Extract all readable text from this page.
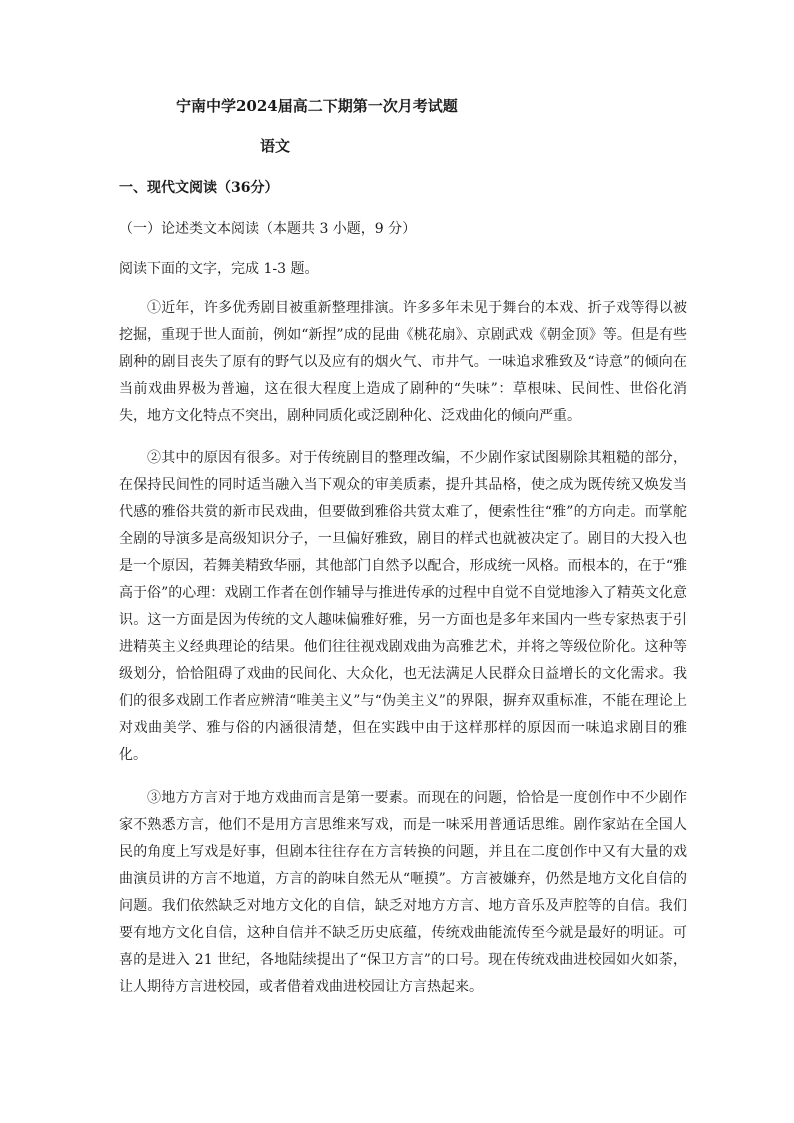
宁南中学2024届高二下期第一次月考试题
语文
一、现代文阅读（36分）
（一）论述类文本阅读（本题共 3 小题，9 分）
阅读下面的文字，完成 1-3 题。

①近年，许多优秀剧目被重新整理排演。许多多年未见于舞台的本戏、折子戏等得以被挖掘，重现于世人面前，例如“新捏”成的昆曲《桃花扇》、京剧武戏《朝金顶》等。但是有些剧种的剧目丧失了原有的野气以及应有的烟火气、市井气。一味追求雅致及“诗意”的倾向在当前戏曲界极为普遍，这在很大程度上造成了剧种的“失味”：草根味、民间性、世俗化消失，地方文化特点不突出，剧种同质化或泛剧种化、泛戏曲化的倾向严重。

②其中的原因有很多。对于传统剧目的整理改编，不少剧作家试图剔除其粗糙的部分，在保持民间性的同时适当融入当下观众的审美质素，提升其品格，使之成为既传统又焕发当代感的雅俗共赏的新市民戏曲，但要做到雅俗共赏太难了，便索性往“雅”的方向走。而掌舵全剧的导演多是高级知识分子，一旦偏好雅致，剧目的样式也就被决定了。剧目的大投入也是一个原因，若舞美精致华丽，其他部门自然予以配合，形成统一风格。而根本的，在于“雅高于俗”的心理：戏剧工作者在创作辅导与推进传承的过程中自觉不自觉地渗入了精英文化意识。这一方面是因为传统的文人趣味偏雅好雅，另一方面也是多年来国内一些专家热衷于引进精英主义经典理论的结果。他们往往视戏剧戏曲为高雅艺术，并将之等级位阶化。这种等级划分，恰恰阻碍了戏曲的民间化、大众化，也无法满足人民群众日益增长的文化需求。我们的很多戏剧工作者应辨清“唯美主义”与“伪美主义”的界限，摒弃双重标准，不能在理论上对戏曲美学、雅与俗的内涵很清楚，但在实践中由于这样那样的原因而一味追求剧目的雅化。

③地方方言对于地方戏曲而言是第一要素。而现在的问题，恰恰是一度创作中不少剧作家不熟悉方言，他们不是用方言思维来写戏，而是一味采用普通话思维。剧作家站在全国人民的角度上写戏是好事，但剧本往往存在方言转换的问题，并且在二度创作中又有大量的戏曲演员讲的方言不地道，方言的韵味自然无从“咂摸”。方言被嫌弃，仍然是地方文化自信的问题。我们依然缺乏对地方文化的自信，缺乏对地方方言、地方音乐及声腔等的自信。我们要有地方文化自信，这种自信并不缺乏历史底蕴，传统戏曲能流传至今就是最好的明证。可喜的是进入 21 世纪，各地陆续提出了“保卫方言”的口号。现在传统戏曲进校园如火如荼，让人期待方言进校园，或者借着戏曲进校园让方言热起来。
